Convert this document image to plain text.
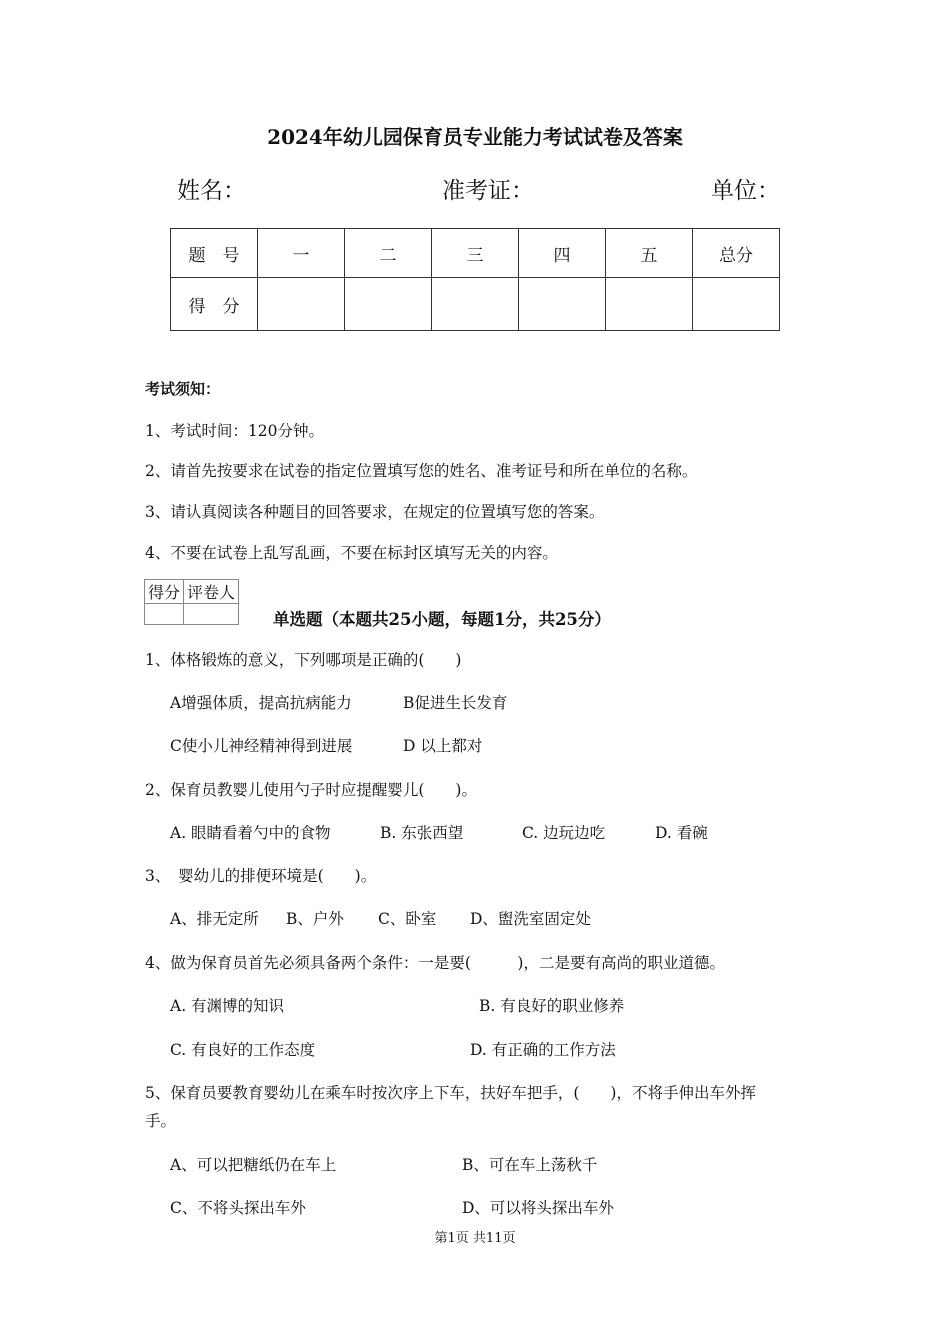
2024年幼儿园保育员专业能力考试试卷及答案
姓名：	准考证：	单位：
题　号	一	二	三	四	五	总分
得　分						
考试须知：
1、考试时间：120分钟。
2、请首先按要求在试卷的指定位置填写您的姓名、准考证号和所在单位的名称。
3、请认真阅读各种题目的回答要求，在规定的位置填写您的答案。
4、不要在试卷上乱写乱画，不要在标封区填写无关的内容。
得分	评卷人

单选题（本题共25小题，每题1分，共25分）
1、体格锻炼的意义，下列哪项是正确的(　　)
A增强体质，提高抗病能力	B促进生长发育
C使小儿神经精神得到进展	D 以上都对
2、保育员教婴儿使用勺子时应提醒婴儿(　　)。
A. 眼睛看着勺中的食物	B. 东张西望	C. 边玩边吃	D. 看碗
3、　婴幼儿的排便环境是(　　)。
A、排无定所 B、户外 C、卧室 D、盥洗室固定处
4、做为保育员首先必须具备两个条件：一是要(　　　)，二是要有高尚的职业道德。
A. 有渊博的知识	B. 有良好的职业修养
C. 有良好的工作态度	D. 有正确的工作方法
5、保育员要教育婴幼儿在乘车时按次序上下车，扶好车把手，(　　)，不将手伸出车外挥
手。
A、可以把糖纸仍在车上	B、可在车上荡秋千
C、不将头探出车外	D、可以将头探出车外
第1页 共11页
